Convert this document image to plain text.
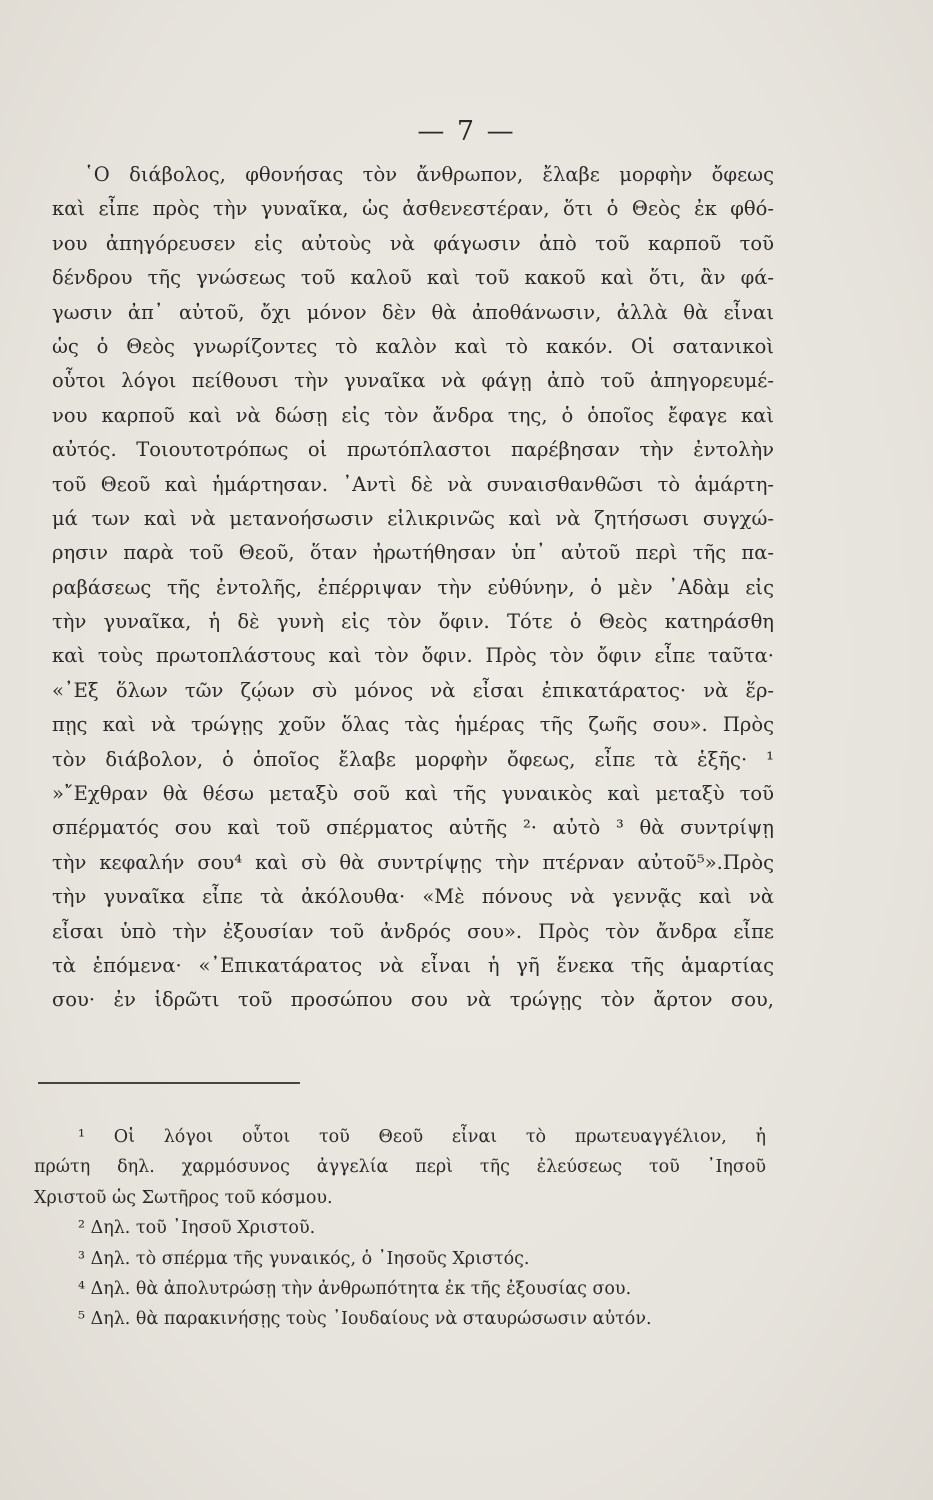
— 7 —
῾Ο διάβολος, φθονήσας τὸν ἄνθρωπον, ἔλαβε μορφὴν ὄφεως
καὶ εἶπε πρὸς τὴν γυναῖκα, ὡς ἀσθενεστέραν, ὅτι ὁ Θεὸς ἐκ φθό-
νου ἀπηγόρευσεν εἰς αὐτοὺς νὰ φάγωσιν ἀπὸ τοῦ καρποῦ τοῦ
δένδρου τῆς γνώσεως τοῦ καλοῦ καὶ τοῦ κακοῦ καὶ ὅτι, ἂν φά-
γωσιν ἀπ᾽ αὐτοῦ, ὄχι μόνον δὲν θὰ ἀποθάνωσιν, ἀλλὰ θὰ εἶναι
ὡς ὁ Θεὸς γνωρίζοντες τὸ καλὸν καὶ τὸ κακόν. Οἱ σατανικοὶ
οὗτοι λόγοι πείθουσι τὴν γυναῖκα νὰ φάγῃ ἀπὸ τοῦ ἀπηγορευμέ-
νου καρποῦ καὶ νὰ δώσῃ εἰς τὸν ἄνδρα της, ὁ ὁποῖος ἔφαγε καὶ
αὐτός. Τοιουτοτρόπως οἱ πρωτόπλαστοι παρέβησαν τὴν ἐντολὴν
τοῦ Θεοῦ καὶ ἡμάρτησαν. ᾿Αντὶ δὲ νὰ συναισθανθῶσι τὸ ἁμάρτη-
μά των καὶ νὰ μετανοήσωσιν εἰλικρινῶς καὶ νὰ ζητήσωσι συγχώ-
ρησιν παρὰ τοῦ Θεοῦ, ὅταν ἠρωτήθησαν ὑπ᾽ αὐτοῦ περὶ τῆς πα-
ραβάσεως τῆς ἐντολῆς, ἐπέρριψαν τὴν εὐθύνην, ὁ μὲν ᾿Αδὰμ εἰς
τὴν γυναῖκα, ἡ δὲ γυνὴ εἰς τὸν ὄφιν. Τότε ὁ Θεὸς κατηράσθη
καὶ τοὺς πρωτοπλάστους καὶ τὸν ὄφιν. Πρὸς τὸν ὄφιν εἶπε ταῦτα·
«᾿Εξ ὅλων τῶν ζῴων σὺ μόνος νὰ εἶσαι ἐπικατάρατος· νὰ ἕρ-
πῃς καὶ νὰ τρώγῃς χοῦν ὅλας τὰς ἡμέρας τῆς ζωῆς σου». Πρὸς
τὸν διάβολον, ὁ ὁποῖος ἔλαβε μορφὴν ὄφεως, εἶπε τὰ ἑξῆς· ¹
»῎Εχθραν θὰ θέσω μεταξὺ σοῦ καὶ τῆς γυναικὸς καὶ μεταξὺ τοῦ
σπέρματός σου καὶ τοῦ σπέρματος αὐτῆς ²· αὐτὸ ³ θὰ συντρίψῃ
τὴν κεφαλήν σου⁴ καὶ σὺ θὰ συντρίψῃς τὴν πτέρναν αὐτοῦ⁵».Πρὸς
τὴν γυναῖκα εἶπε τὰ ἀκόλουθα· «Μὲ πόνους νὰ γεννᾷς καὶ νὰ
εἶσαι ὑπὸ τὴν ἐξουσίαν τοῦ ἀνδρός σου». Πρὸς τὸν ἄνδρα εἶπε
τὰ ἑπόμενα· «᾿Επικατάρατος νὰ εἶναι ἡ γῆ ἕνεκα τῆς ἁμαρτίας
σου· ἐν ἱδρῶτι τοῦ προσώπου σου νὰ τρώγῃς τὸν ἄρτον σου,
¹ Οἱ λόγοι οὗτοι τοῦ Θεοῦ εἶναι τὸ πρωτευαγγέλιον, ἡ
πρώτη δηλ. χαρμόσυνος ἀγγελία περὶ τῆς ἐλεύσεως τοῦ ᾿Ιησοῦ
Χριστοῦ ὡς Σωτῆρος τοῦ κόσμου.
² Δηλ. τοῦ ᾿Ιησοῦ Χριστοῦ.
³ Δηλ. τὸ σπέρμα τῆς γυναικός, ὁ ᾿Ιησοῦς Χριστός.
⁴ Δηλ. θὰ ἀπολυτρώσῃ τὴν ἀνθρωπότητα ἐκ τῆς ἐξουσίας σου.
⁵ Δηλ. θὰ παρακινήσῃς τοὺς ᾿Ιουδαίους νὰ σταυρώσωσιν αὐτόν.
